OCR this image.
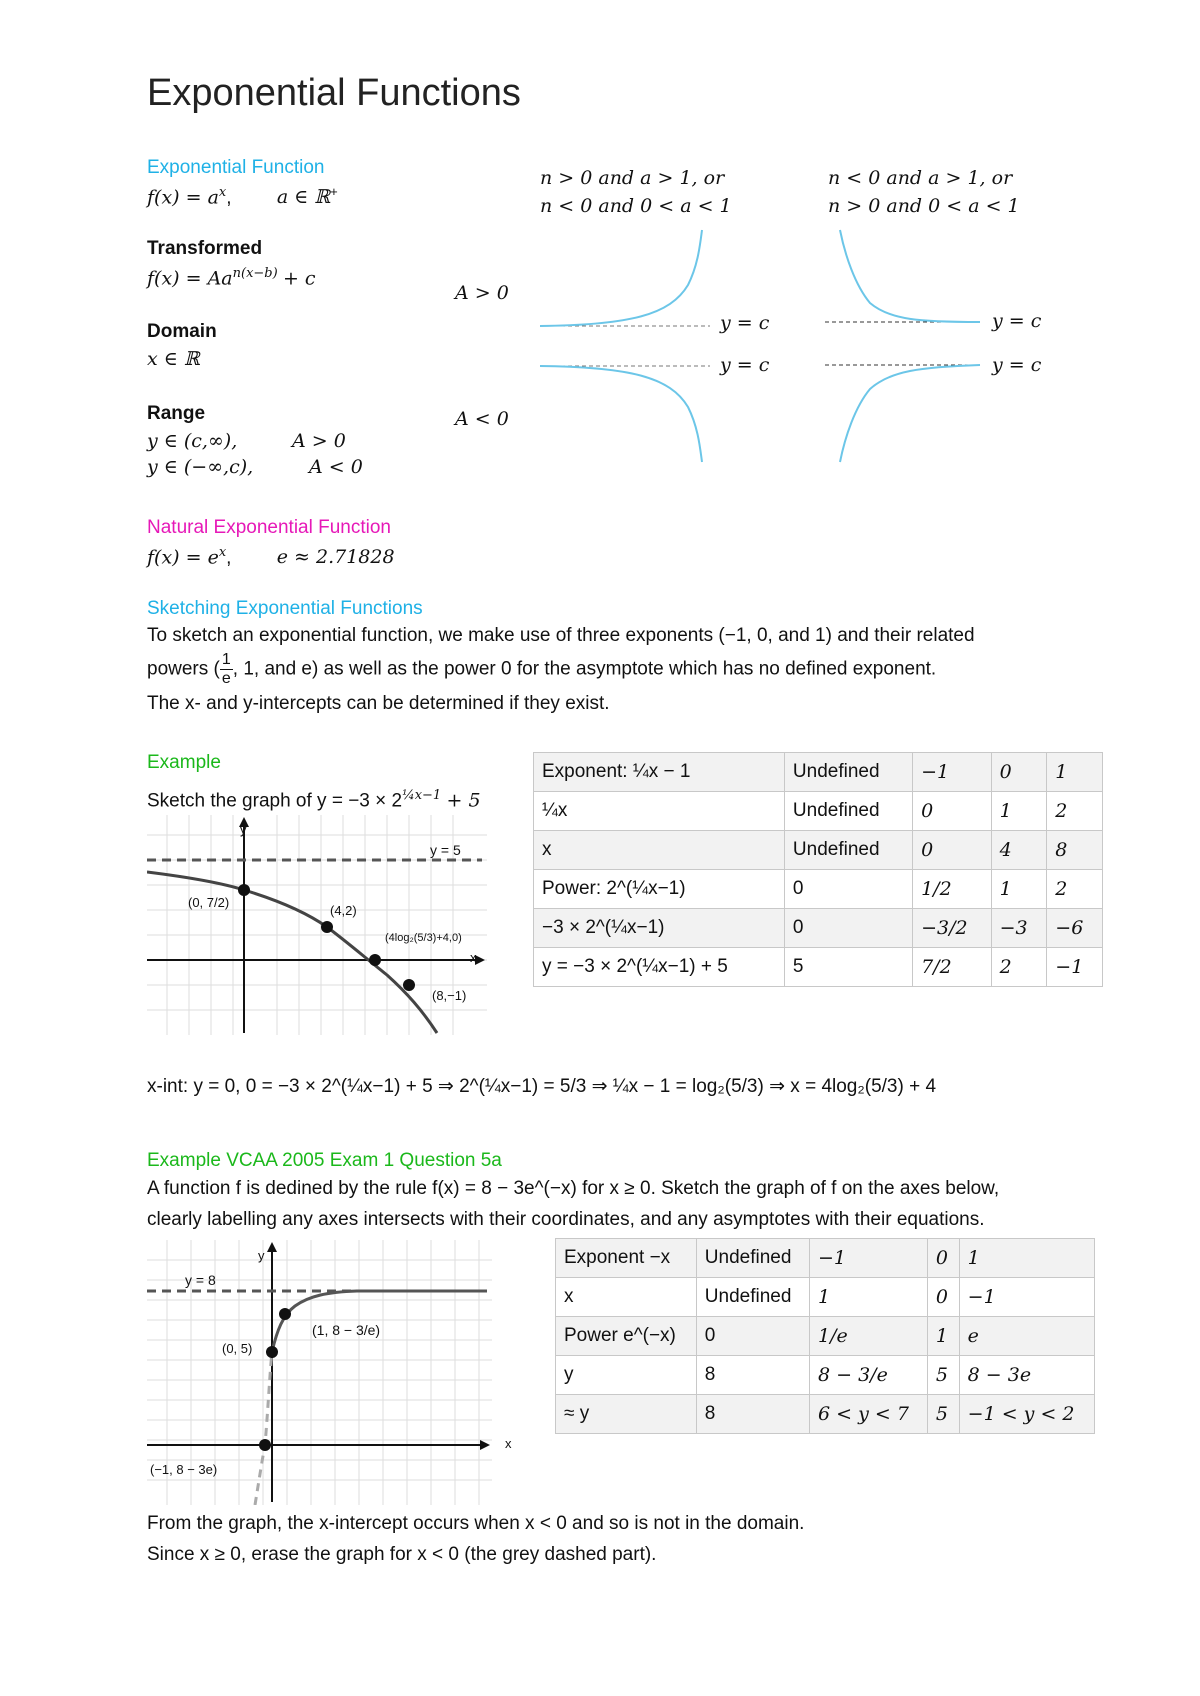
Exponential Functions
Exponential Function
$f(x) = a^x$, a ∈ ℝ+
Transformed
$f(x) = Aa^{n(x-b)} + c$
Domain
x ∈ ℝ
Range
y ∈ (c,∞),	A > 0
y ∈ (−∞,c),	A < 0
Natural Exponential Function
$f(x) = e^x$, e ≈ 2.71828
n > 0 and a > 1, or
n < 0 and 0 < a < 1
n < 0 and a > 1, or
n > 0 and 0 < a < 1
A > 0
A < 0
y = c
y = c
y = c
y = c
Sketching Exponential Functions
To sketch an exponential function, we make use of three exponents (−1, 0, and 1) and their related
powers ( $\frac{1}{e}$ , 1, and e) as well as the power 0 for the asymptote which has no defined exponent.
The x- and y-intercepts can be determined if they exist.
Example
Sketch the graph of $y = -3 \times 2^{\frac{1}{4}x-1} + 5$
y
x
y = 5
(0, 7/2)
(4,2)
(4log₂(5/3)+4,0)
(8,−1)
Exponent: ¼x − 1	Undefined	−1	0	1
¼x	Undefined	0	1	2
x	Undefined	0	4	8
Power: 2^(¼x−1)	0	1/2	1	2
−3 × 2^(¼x−1)	0	−3/2	−3	−6
y = −3 × 2^(¼x−1) + 5	5	7/2	2	−1
x-int: y = 0, 0 = −3 × 2^(¼x−1) + 5 ⇒ 2^(¼x−1) = 5/3 ⇒ ¼x − 1 = log₂(5/3) ⇒ x = 4log₂(5/3) + 4
Example VCAA 2005 Exam 1 Question 5a
A function f is dedined by the rule f(x) = 8 − 3e^(−x) for x ≥ 0. Sketch the graph of f on the axes below,
clearly labelling any axes intersects with their coordinates, and any asymptotes with their equations.
y
x
y = 8
(0, 5)
(1, 8 − 3/e)
(−1, 8 − 3e)
Exponent −x	Undefined	−1	0	1
x	Undefined	1	0	−1
Power e^(−x)	0	1/e	1	e
y	8	8 − 3/e	5	8 − 3e
≈ y	8	6 < y < 7	5	−1 < y < 2
From the graph, the x-intercept occurs when x < 0 and so is not in the domain.
Since x ≥ 0, erase the graph for x < 0 (the grey dashed part).
